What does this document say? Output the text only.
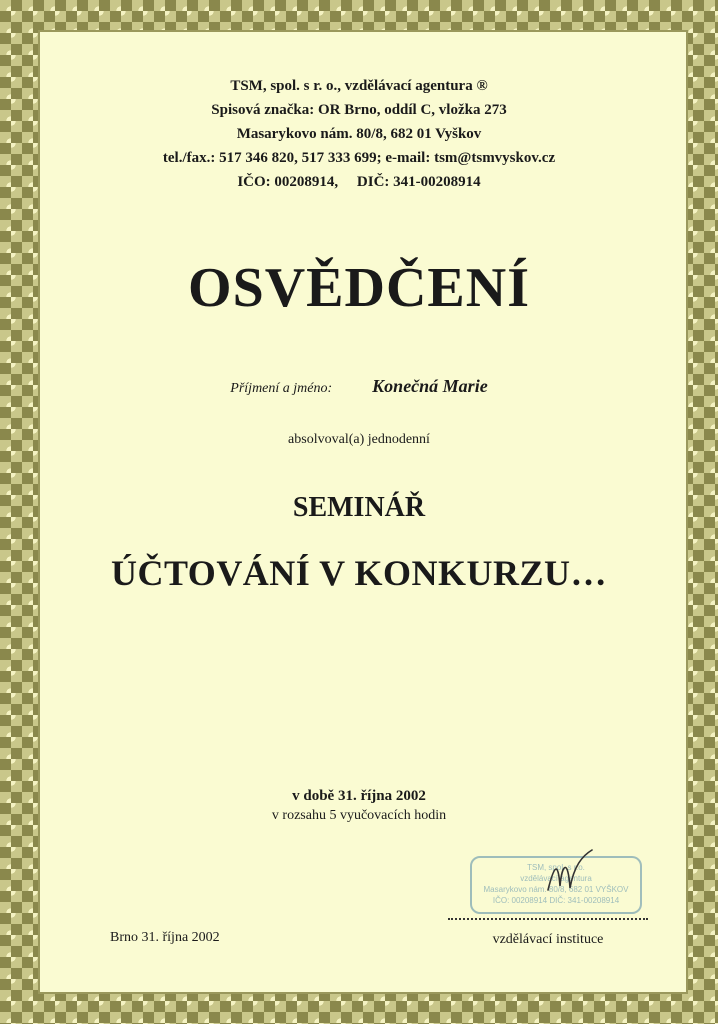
TSM, spol. s r. o., vzdělávací agentura ®
Spisová značka: OR Brno, oddíl C, vložka 273
Masarykovo nám. 80/8, 682 01 Vyškov
tel./fax.: 517 346 820, 517 333 699; e-mail: tsm@tsmvyskov.cz
IČO: 00208914, DIČ: 341-00208914
OSVĚDČENÍ
Příjmení a jméno: Konečná Marie
absolvoval(a) jednodenní
SEMINÁŘ
ÚČTOVÁNÍ V KONKURZU…
v době 31. října 2002
v rozsahu 5 vyučovacích hodin
TSM, spol. s r.o.
vzdělávací agentura
Masarykovo nám. 80/8, 682 01 VYŠKOV
IČO: 00208914 DIČ: 341-00208914
vzdělávací instituce
Brno 31. října 2002
